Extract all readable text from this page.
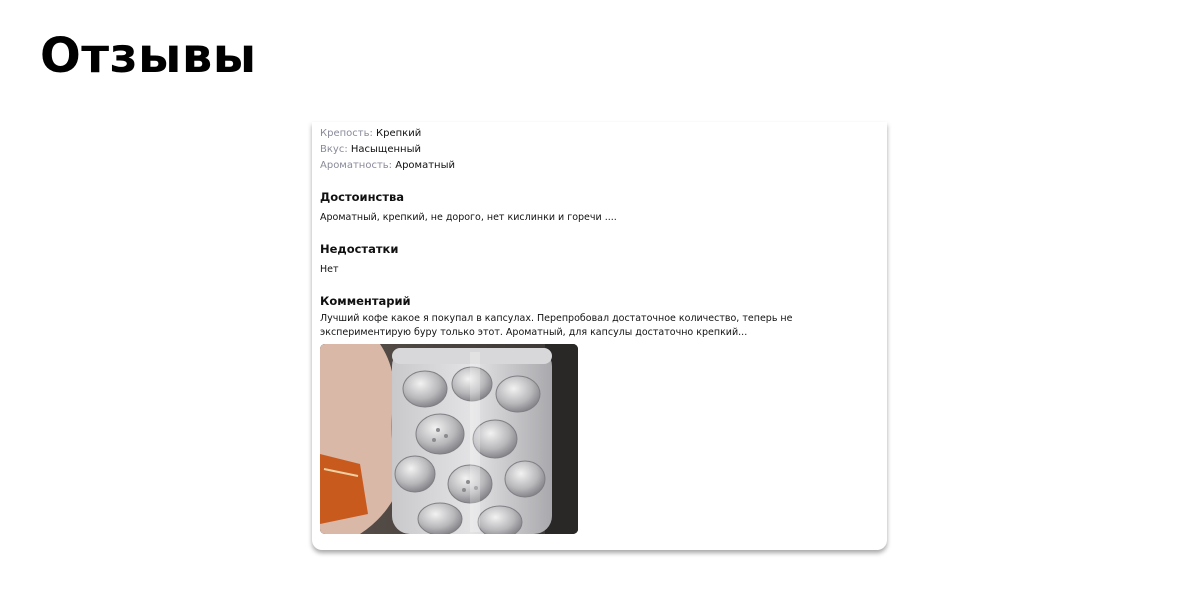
Отзывы
Крепость: Крепкий
Вкус: Насыщенный
Ароматность: Ароматный
Достоинства

Ароматный, крепкий, не дорого, нет кислинки и горечи ....

Недостатки

Нет

Комментарий

Лучший кофе какое я покупал в капсулах. Перепробовал достаточное количество, теперь не экспериментирую буру только этот. Ароматный, для капсулы достаточно крепкий...
